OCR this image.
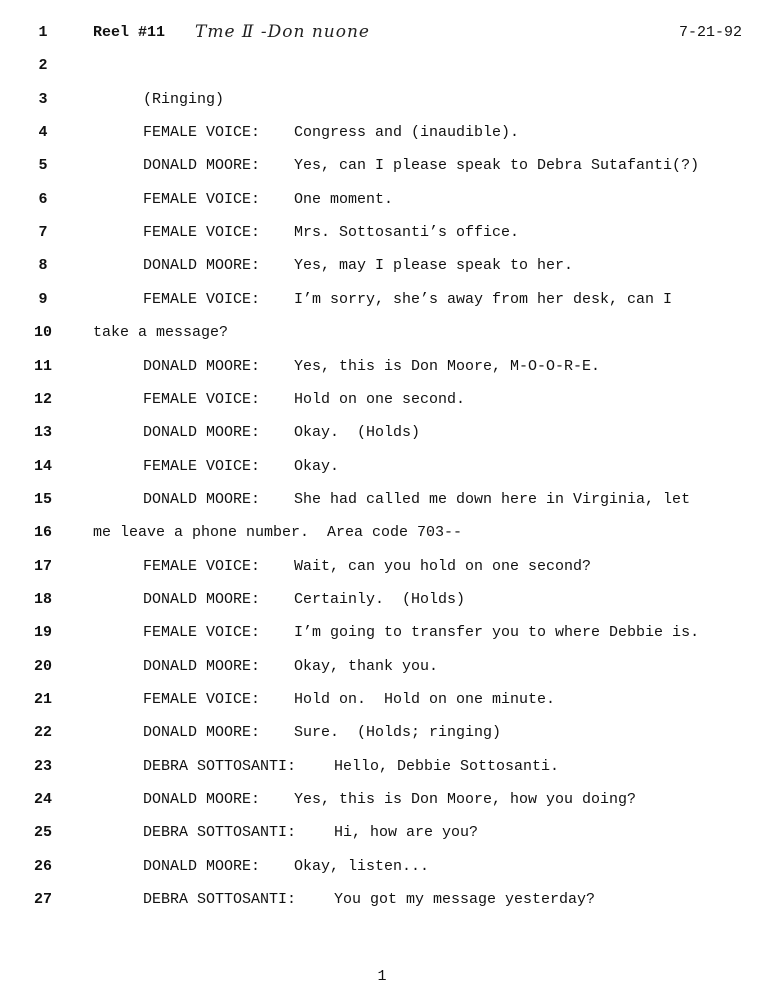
1	Reel #11 Tme Ⅱ -Don nuone	7-21-92
2
3	(Ringing)
4	FEMALE VOICE: Congress and (inaudible).
5	DONALD MOORE: Yes, can I please speak to Debra Sutafanti(?)
6	FEMALE VOICE: One moment.
7	FEMALE VOICE: Mrs. Sottosanti’s office.
8	DONALD MOORE: Yes, may I please speak to her.
9	FEMALE VOICE: I’m sorry, she’s away from her desk, can I
10	take a message?
11	DONALD MOORE: Yes, this is Don Moore, M-O-O-R-E.
12	FEMALE VOICE: Hold on one second.
13	DONALD MOORE: Okay.  (Holds)
14	FEMALE VOICE: Okay.
15	DONALD MOORE: She had called me down here in Virginia, let
16	me leave a phone number.  Area code 703--
17	FEMALE VOICE: Wait, can you hold on one second?
18	DONALD MOORE: Certainly.  (Holds)
19	FEMALE VOICE: I’m going to transfer you to where Debbie is.
20	DONALD MOORE: Okay, thank you.
21	FEMALE VOICE: Hold on.  Hold on one minute.
22	DONALD MOORE: Sure.  (Holds; ringing)
23	DEBRA SOTTOSANTI:	Hello, Debbie Sottosanti.
24	DONALD MOORE: Yes, this is Don Moore, how you doing?
25	DEBRA SOTTOSANTI:	Hi, how are you?
26	DONALD MOORE: Okay, listen...
27	DEBRA SOTTOSANTI:	You got my message yesterday?
1
